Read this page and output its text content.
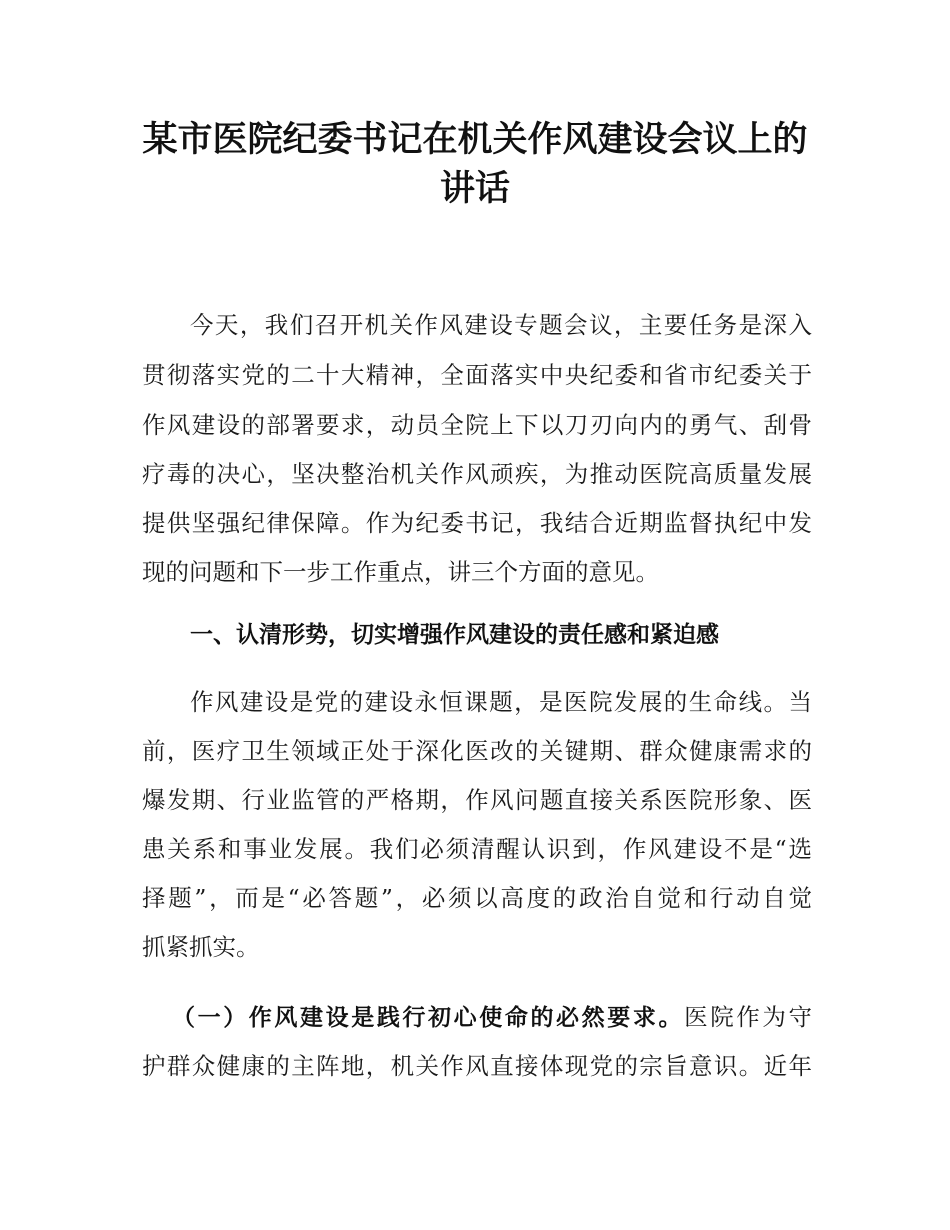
某市医院纪委书记在机关作风建设会议上的
讲话

今天，我们召开机关作风建设专题会议，主要任务是深入

贯彻落实党的二十大精神，全面落实中央纪委和省市纪委关于

作风建设的部署要求，动员全院上下以刀刃向内的勇气、刮骨

疗毒的决心，坚决整治机关作风顽疾，为推动医院高质量发展

提供坚强纪律保障。作为纪委书记，我结合近期监督执纪中发

现的问题和下一步工作重点，讲三个方面的意见。

一、认清形势，切实增强作风建设的责任感和紧迫感

作风建设是党的建设永恒课题，是医院发展的生命线。当

前，医疗卫生领域正处于深化医改的关键期、群众健康需求的

爆发期、行业监管的严格期，作风问题直接关系医院形象、医

患关系和事业发展。我们必须清醒认识到，作风建设不是“选

择题”，而是“必答题”，必须以高度的政治自觉和行动自觉

抓紧抓实。

（一）作风建设是践行初心使命的必然要求。医院作为守

护群众健康的主阵地，机关作风直接体现党的宗旨意识。近年
